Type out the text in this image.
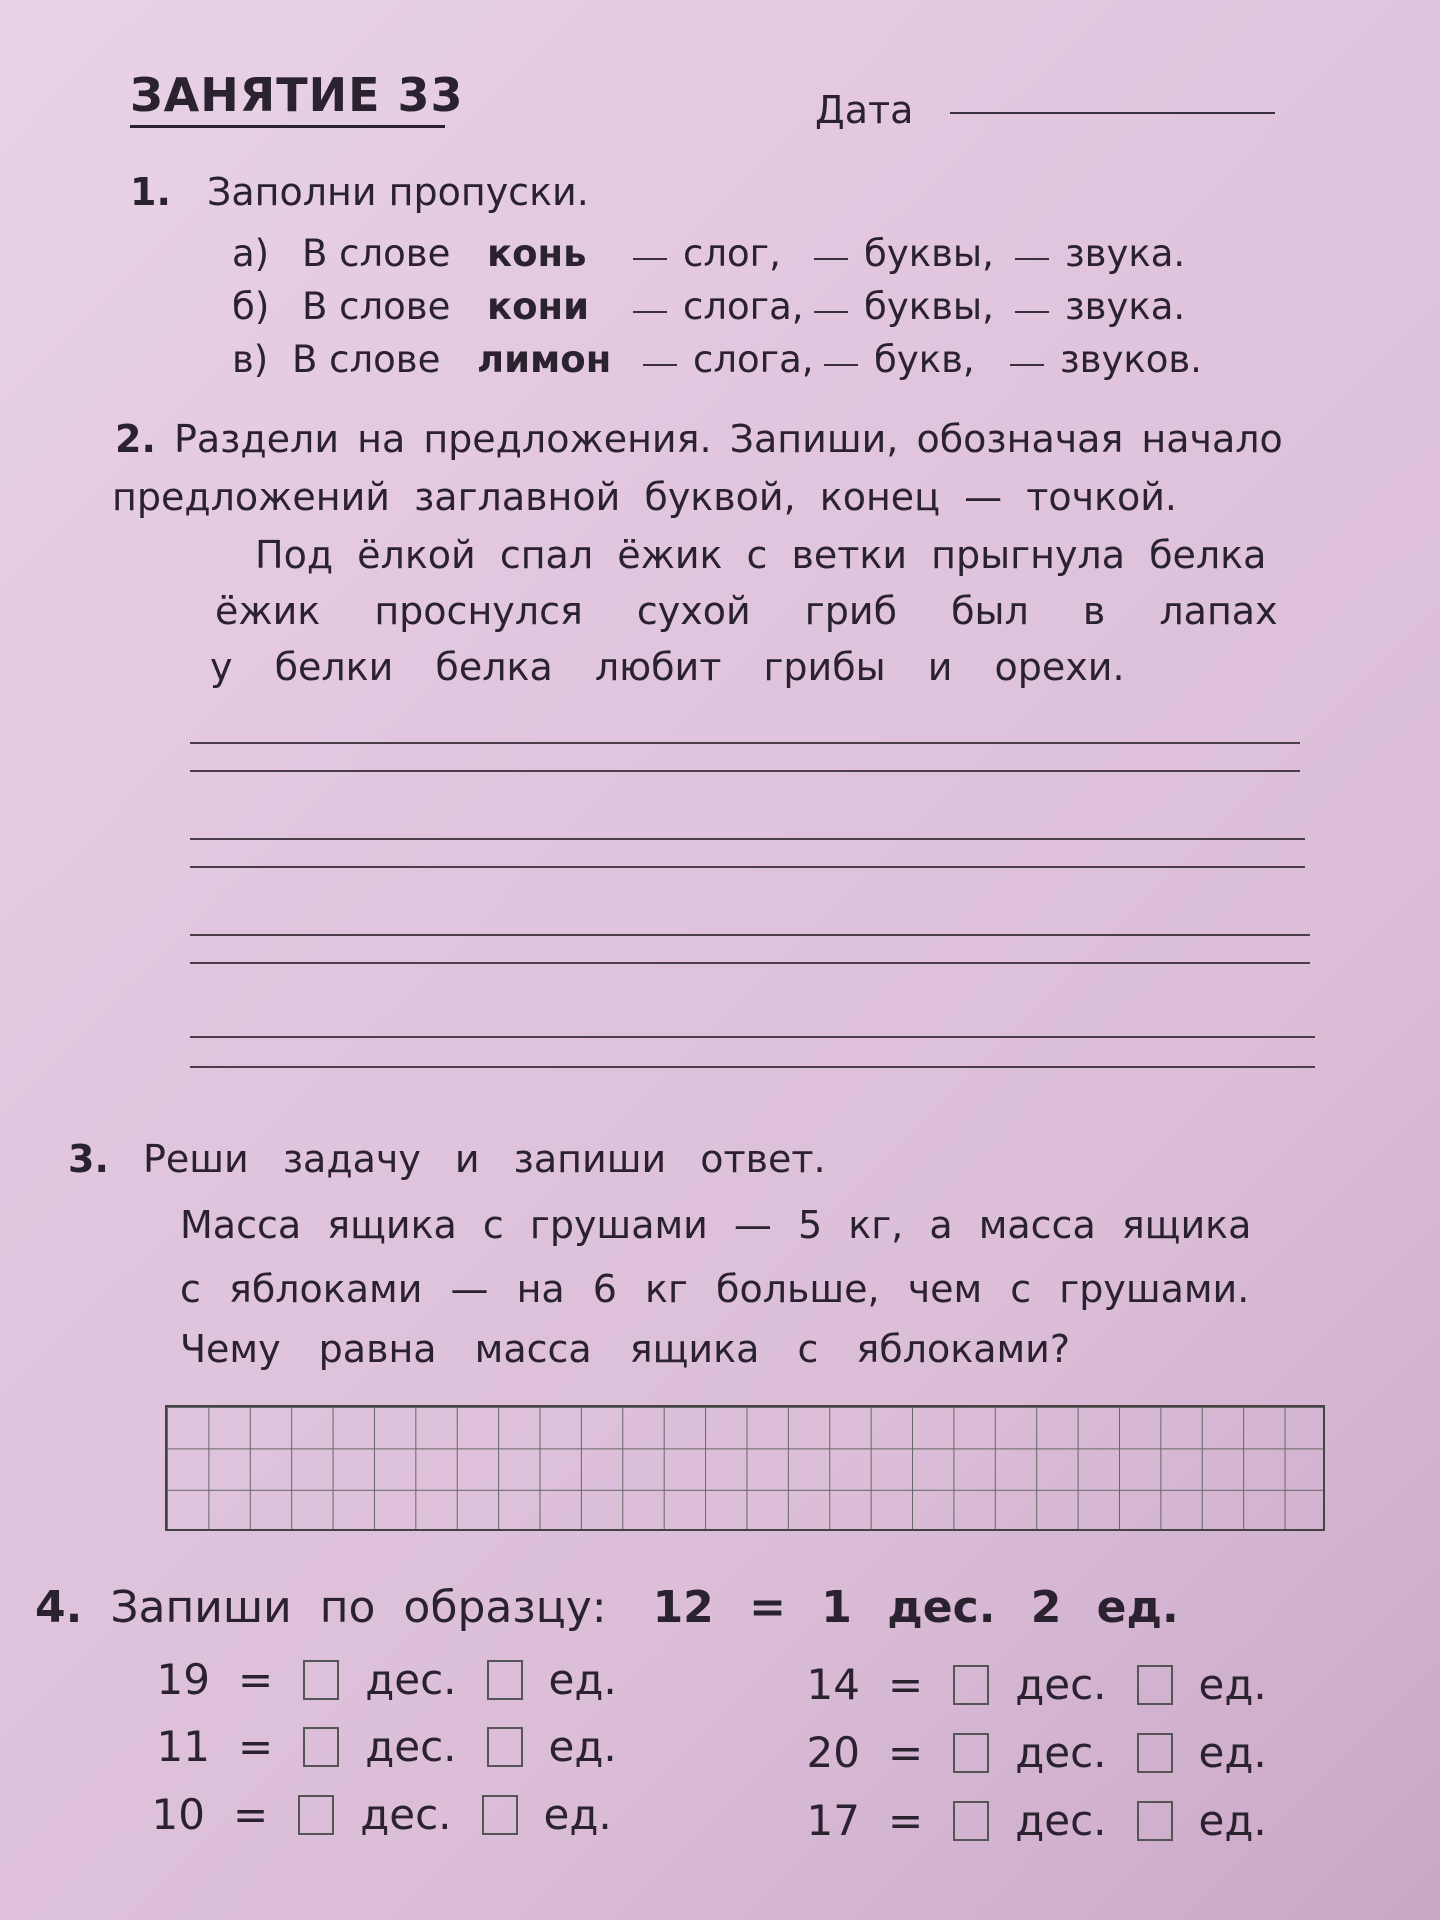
ЗАНЯТИЕ 33	Дата
1. Заполни пропуски.
а) В слове конь	слог,	буквы, звука.
б) В слове кони	слога, буквы, звука.
в) В слове лимон	слога, букв,	звуков.
2. Раздели на предложения. Запиши, обозначая начало
предложений заглавной буквой, конец — точкой.
Под ёлкой спал ёжик с ветки прыгнула белка
ёжик проснулся сухой гриб был в лапах
у белки белка любит грибы и орехи.
3. Реши задачу и запиши ответ.
Масса ящика с грушами — 5 кг, а масса ящика
с яблоками — на 6 кг больше, чем с грушами.
Чему равна масса ящика с яблоками?
4. Запиши по образцу: 12 = 1 дес. 2 ед.
19 = дес. ед.
11 = дес. ед.
10 = дес. ед.
14 = дес. ед.
20 = дес. ед.
17 = дес. ед.
